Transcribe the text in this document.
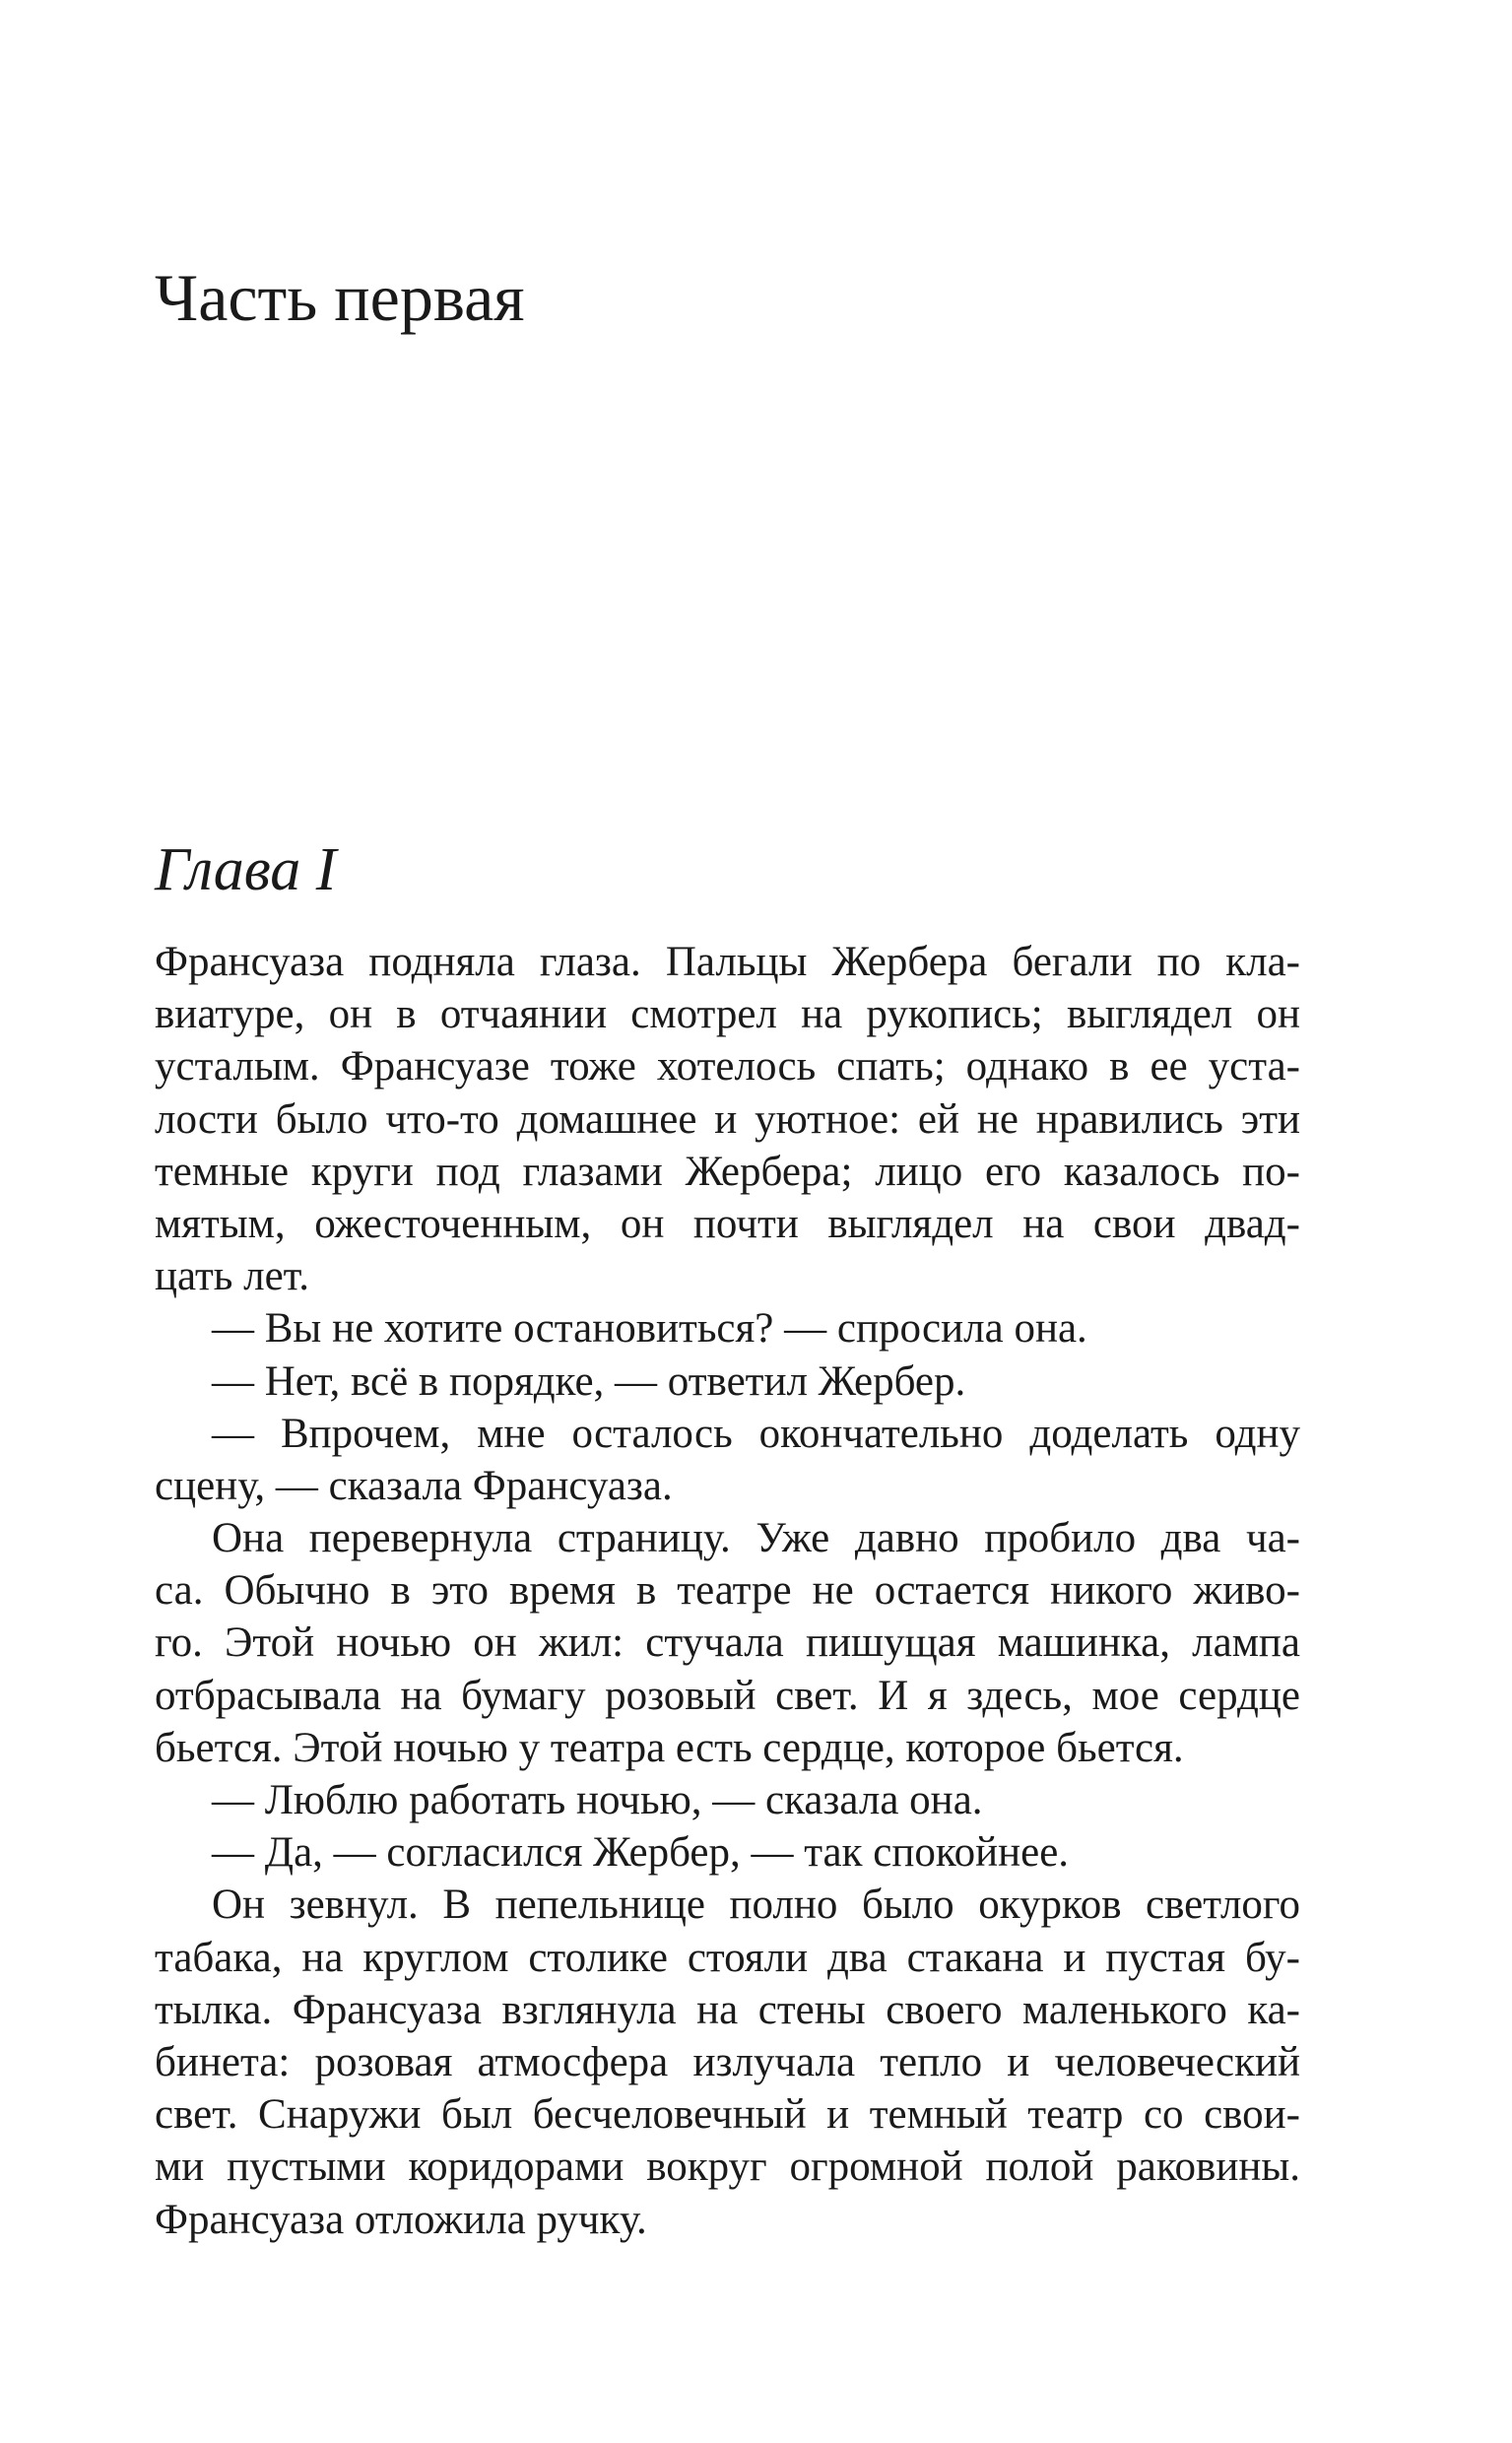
Часть первая
Глава I
Франсуаза подняла глаза. Пальцы Жербера бегали по кла-
виатуре, он в отчаянии смотрел на рукопись; выглядел он
усталым. Франсуазе тоже хотелось спать; однако в ее уста-
лости было что-то домашнее и уютное: ей не нравились эти
темные круги под глазами Жербера; лицо его казалось по-
мятым, ожесточенным, он почти выглядел на свои двад-
цать лет.
— Вы не хотите остановиться? — спросила она.
— Нет, всё в порядке, — ответил Жербер.
— Впрочем, мне осталось окончательно доделать одну
сцену, — сказала Франсуаза.
Она перевернула страницу. Уже давно пробило два ча-
са. Обычно в это время в театре не остается никого живо-
го. Этой ночью он жил: стучала пишущая машинка, лампа
отбрасывала на бумагу розовый свет. И я здесь, мое сердце
бьется. Этой ночью у театра есть сердце, которое бьется.
— Люблю работать ночью, — сказала она.
— Да, — согласился Жербер, — так спокойнее.
Он зевнул. В пепельнице полно было окурков светлого
табака, на круглом столике стояли два стакана и пустая бу-
тылка. Франсуаза взглянула на стены своего маленького ка-
бинета: розовая атмосфера излучала тепло и человеческий
свет. Снаружи был бесчеловечный и темный театр со свои-
ми пустыми коридорами вокруг огромной полой раковины.
Франсуаза отложила ручку.
